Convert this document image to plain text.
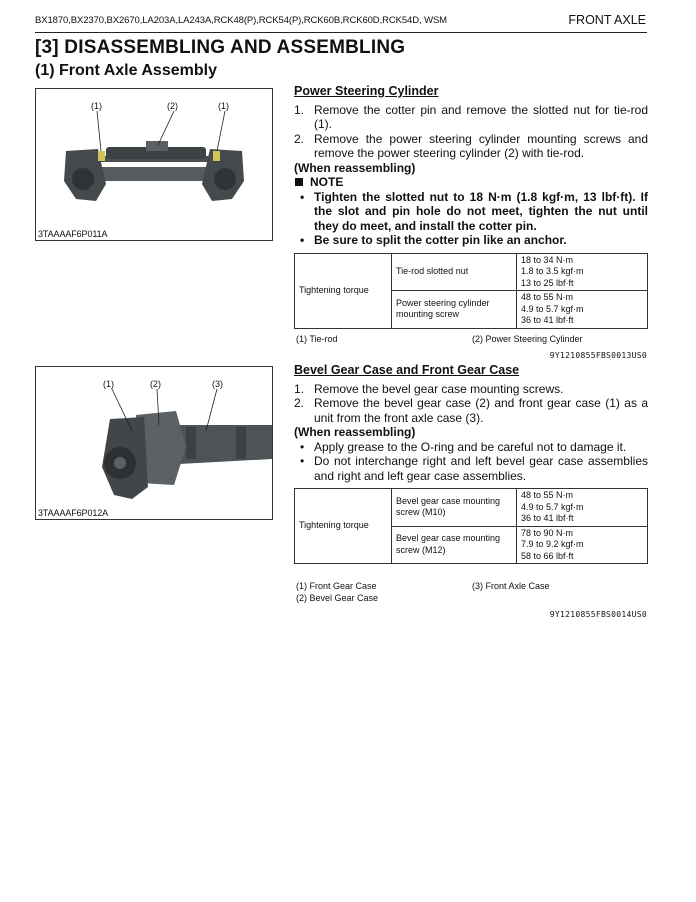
BX1870,BX2370,BX2670,LA203A,LA243A,RCK48(P),RCK54(P),RCK60B,RCK60D,RCK54D, WSM	FRONT AXLE
[3] DISASSEMBLING AND ASSEMBLING
(1) Front Axle Assembly
(1)	(2)	(1)
3TAAAAF6P011A
(1)	(2)	(3)
3TAAAAF6P012A
Power Steering Cylinder
1. Remove the cotter pin and remove the slotted nut for tie-rod (1).
2. Remove the power steering cylinder mounting screws and remove the power steering cylinder (2) with tie-rod.
(When reassembling)
NOTE
• Tighten the slotted nut to 18 N·m (1.8 kgf·m, 13 lbf·ft). If the slot and pin hole do not meet, tighten the nut until they do meet, and install the cotter pin.
• Be sure to split the cotter pin like an anchor.
Tightening torque	Tie-rod slotted nut	18 to 34 N·m
1.8 to 3.5 kgf·m
13 to 25 lbf·ft

	Power steering cylinder mounting screw	48 to 55 N·m
4.9 to 5.7 kgf·m
36 to 41 lbf·ft
(1) Tie-rod	(2) Power Steering Cylinder
9Y1210855FBS0013US0
Bevel Gear Case and Front Gear Case
1. Remove the bevel gear case mounting screws.
2. Remove the bevel gear case (2) and front gear case (1) as a unit from the front axle case (3).
(When reassembling)
• Apply grease to the O-ring and be careful not to damage it.
• Do not interchange right and left bevel gear case assemblies and right and left gear case assemblies.
Tightening torque	Bevel gear case mounting screw (M10)	48 to 55 N·m
4.9 to 5.7 kgf·m
36 to 41 lbf·ft

	Bevel gear case mounting screw (M12)	78 to 90 N·m
7.9 to 9.2 kgf·m
58 to 66 lbf·ft
(1) Front Gear Case
(2) Bevel Gear Case
(3) Front Axle Case
9Y1210855FBS0014US0
